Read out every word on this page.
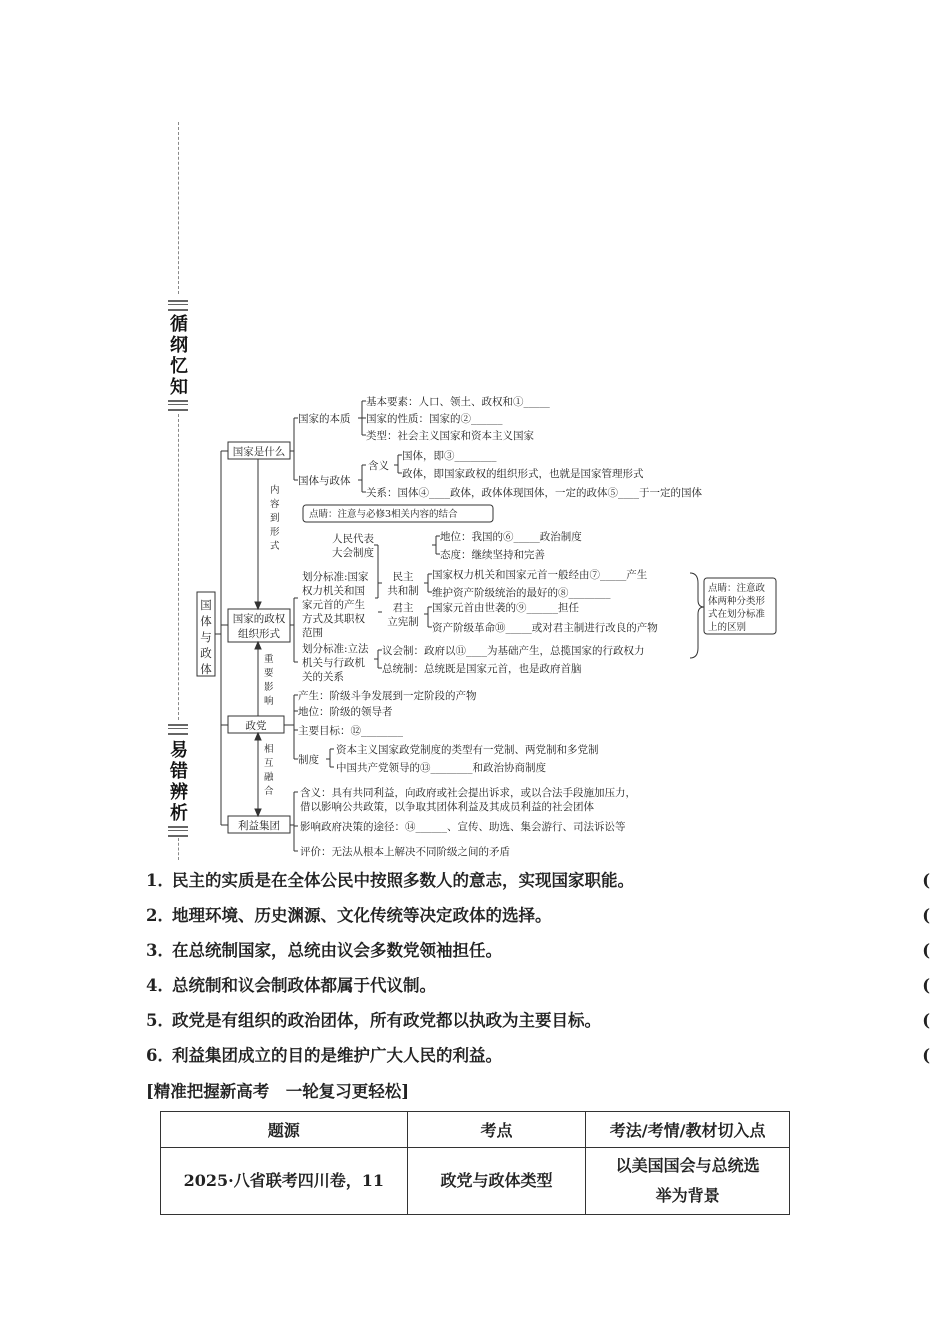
循
纲
忆
知
易
错
辨
析
国
体
与
政
体
国家是什么
国家的政权
组织形式
政党
利益集团
内
容
到
形
式
重
要
影
响
相
互
融
合
国家的本质
基本要素：人口、领土、政权和①_____
国家的性质：国家的②______
类型：社会主义国家和资本主义国家
国体与政体
含义
国体，即③________
政体，即国家政权的组织形式，也就是国家管理形式
关系：国体④____政体，政体体现国体，一定的政体⑤____于一定的国体
点睛：注意与必修3相关内容的结合
人民代表
大会制度
地位：我国的⑥_____政治制度
态度：继续坚持和完善
划分标准:国家
权力机关和国
家元首的产生
方式及其职权
范围
民主
共和制
国家权力机关和国家元首一般经由⑦_____产生
维护资产阶级统治的最好的⑧________
君主
立宪制
国家元首由世袭的⑨______担任
资产阶级革命⑩_____或对君主制进行改良的产物
划分标准:立法
机关与行政机
关的关系
议会制：政府以⑪____为基础产生，总揽国家的行政权力
总统制：总统既是国家元首，也是政府首脑
点睛：注意政
体两种分类形
式在划分标准
上的区别
产生：阶级斗争发展到一定阶段的产物
地位：阶级的领导者
主要目标：⑫________
制度
资本主义国家政党制度的类型有一党制、两党制和多党制
中国共产党领导的⑬________和政治协商制度
含义：具有共同利益，向政府或社会提出诉求，或以合法手段施加压力，
借以影响公共政策，以争取其团体利益及其成员利益的社会团体
影响政府决策的途径：⑭______、宣传、助选、集会游行、司法诉讼等
评价：无法从根本上解决不同阶级之间的矛盾
1．民主的实质是在全体公民中按照多数人的意志，实现国家职能。	(
2．地理环境、历史渊源、文化传统等决定政体的选择。	(
3．在总统制国家，总统由议会多数党领袖担任。	(
4．总统制和议会制政体都属于代议制。	(
5．政党是有组织的政治团体，所有政党都以执政为主要目标。	(
6．利益集团成立的目的是维护广大人民的利益。	(
[精准把握新高考　一轮复习更轻松]
题源	考点	考法/考情/教材切入点
2025·八省联考四川卷，11	政党与政体类型	以美国国会与总统选
举为背景
